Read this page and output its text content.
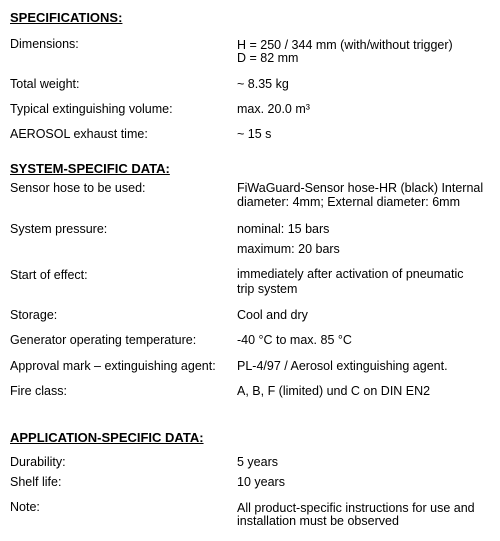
SPECIFICATIONS:
Dimensions:	H = 250 / 344 mm (with/without trigger)
D = 82 mm
Total weight:	~ 8.35 kg
Typical extinguishing volume:	max. 20.0 m³
AEROSOL exhaust time:	~ 15 s
SYSTEM-SPECIFIC DATA:
Sensor hose to be used:	FiWaGuard-Sensor hose-HR (black) Internal
diameter: 4mm; External diameter: 6mm
System pressure:	nominal: 15 bars
maximum: 20 bars
Start of effect:	immediately after activation of pneumatic
trip system
Storage:	Cool and dry
Generator operating temperature:	-40 °C to max. 85 °C
Approval mark – extinguishing agent: PL-4/97 / Aerosol extinguishing agent.
Fire class:	A, B, F (limited) und C on DIN EN2
APPLICATION-SPECIFIC DATA:
Durability:	5 years
Shelf life:	10 years
Note:	All product-specific instructions for use and
installation must be observed
